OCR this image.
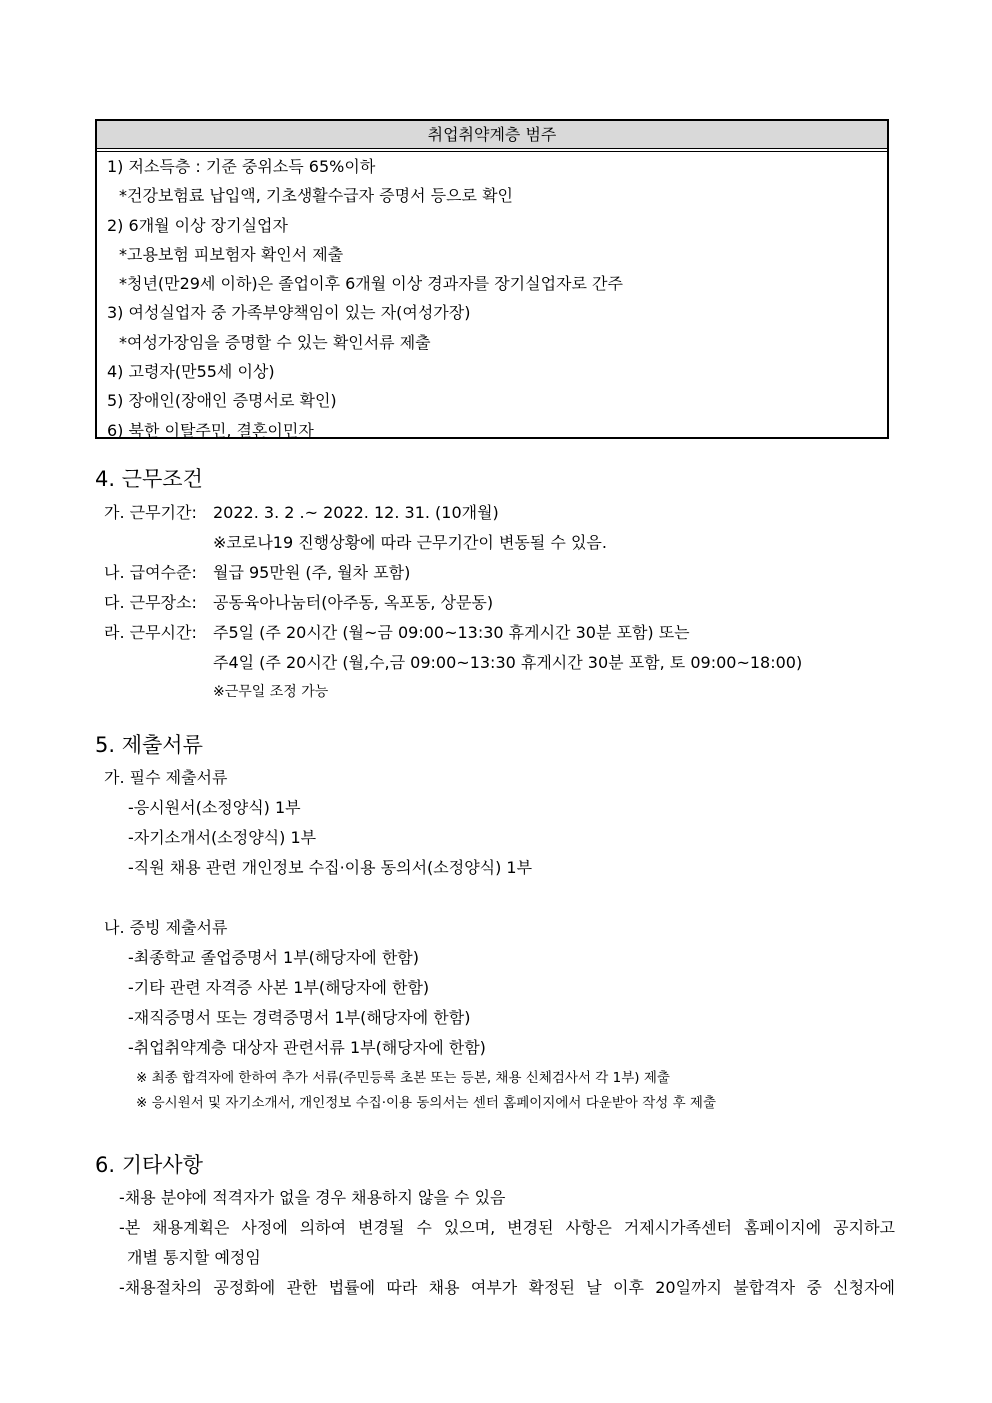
취업취약계층 범주
1) 저소득층 : 기준 중위소득 65%이하
*건강보험료 납입액, 기초생활수급자 증명서 등으로 확인
2) 6개월 이상 장기실업자
*고용보험 피보험자 확인서 제출
*청년(만29세 이하)은 졸업이후 6개월 이상 경과자를 장기실업자로 간주
3) 여성실업자 중 가족부양책임이 있는 자(여성가장)
*여성가장임을 증명할 수 있는 확인서류 제출
4) 고령자(만55세 이상)
5) 장애인(장애인 증명서로 확인)
6) 북한 이탈주민, 결혼이민자
4. 근무조건
가. 근무기간: 2022. 3. 2 .~ 2022. 12. 31. (10개월)
※코로나19 진행상황에 따라 근무기간이 변동될 수 있음.
나. 급여수준: 월급 95만원 (주, 월차 포함)
다. 근무장소: 공동육아나눔터(아주동, 옥포동, 상문동)
라. 근무시간: 주5일 (주 20시간 (월~금 09:00~13:30 휴게시간 30분 포함) 또는
주4일 (주 20시간 (월,수,금 09:00~13:30 휴게시간 30분 포함, 토 09:00~18:00)
※근무일 조정 가능
5. 제출서류
가. 필수 제출서류
-응시원서(소정양식) 1부
-자기소개서(소정양식) 1부
-직원 채용 관련 개인정보 수집·이용 동의서(소정양식) 1부
나. 증빙 제출서류
-최종학교 졸업증명서 1부(해당자에 한함)
-기타 관련 자격증 사본 1부(해당자에 한함)
-재직증명서 또는 경력증명서 1부(해당자에 한함)
-취업취약계층 대상자 관련서류 1부(해당자에 한함)
※ 최종 합격자에 한하여 추가 서류(주민등록 초본 또는 등본, 채용 신체검사서 각 1부) 제출
※ 응시원서 및 자기소개서, 개인정보 수집·이용 동의서는 센터 홈페이지에서 다운받아 작성 후 제출
6. 기타사항
-채용 분야에 적격자가 없을 경우 채용하지 않을 수 있음
-본 채용계획은 사정에 의하여 변경될 수 있으며, 변경된 사항은 거제시가족센터 홈페이지에 공지하고
개별 통지할 예정임
-채용절차의 공정화에 관한 법률에 따라 채용 여부가 확정된 날 이후 20일까지 불합격자 중 신청자에
